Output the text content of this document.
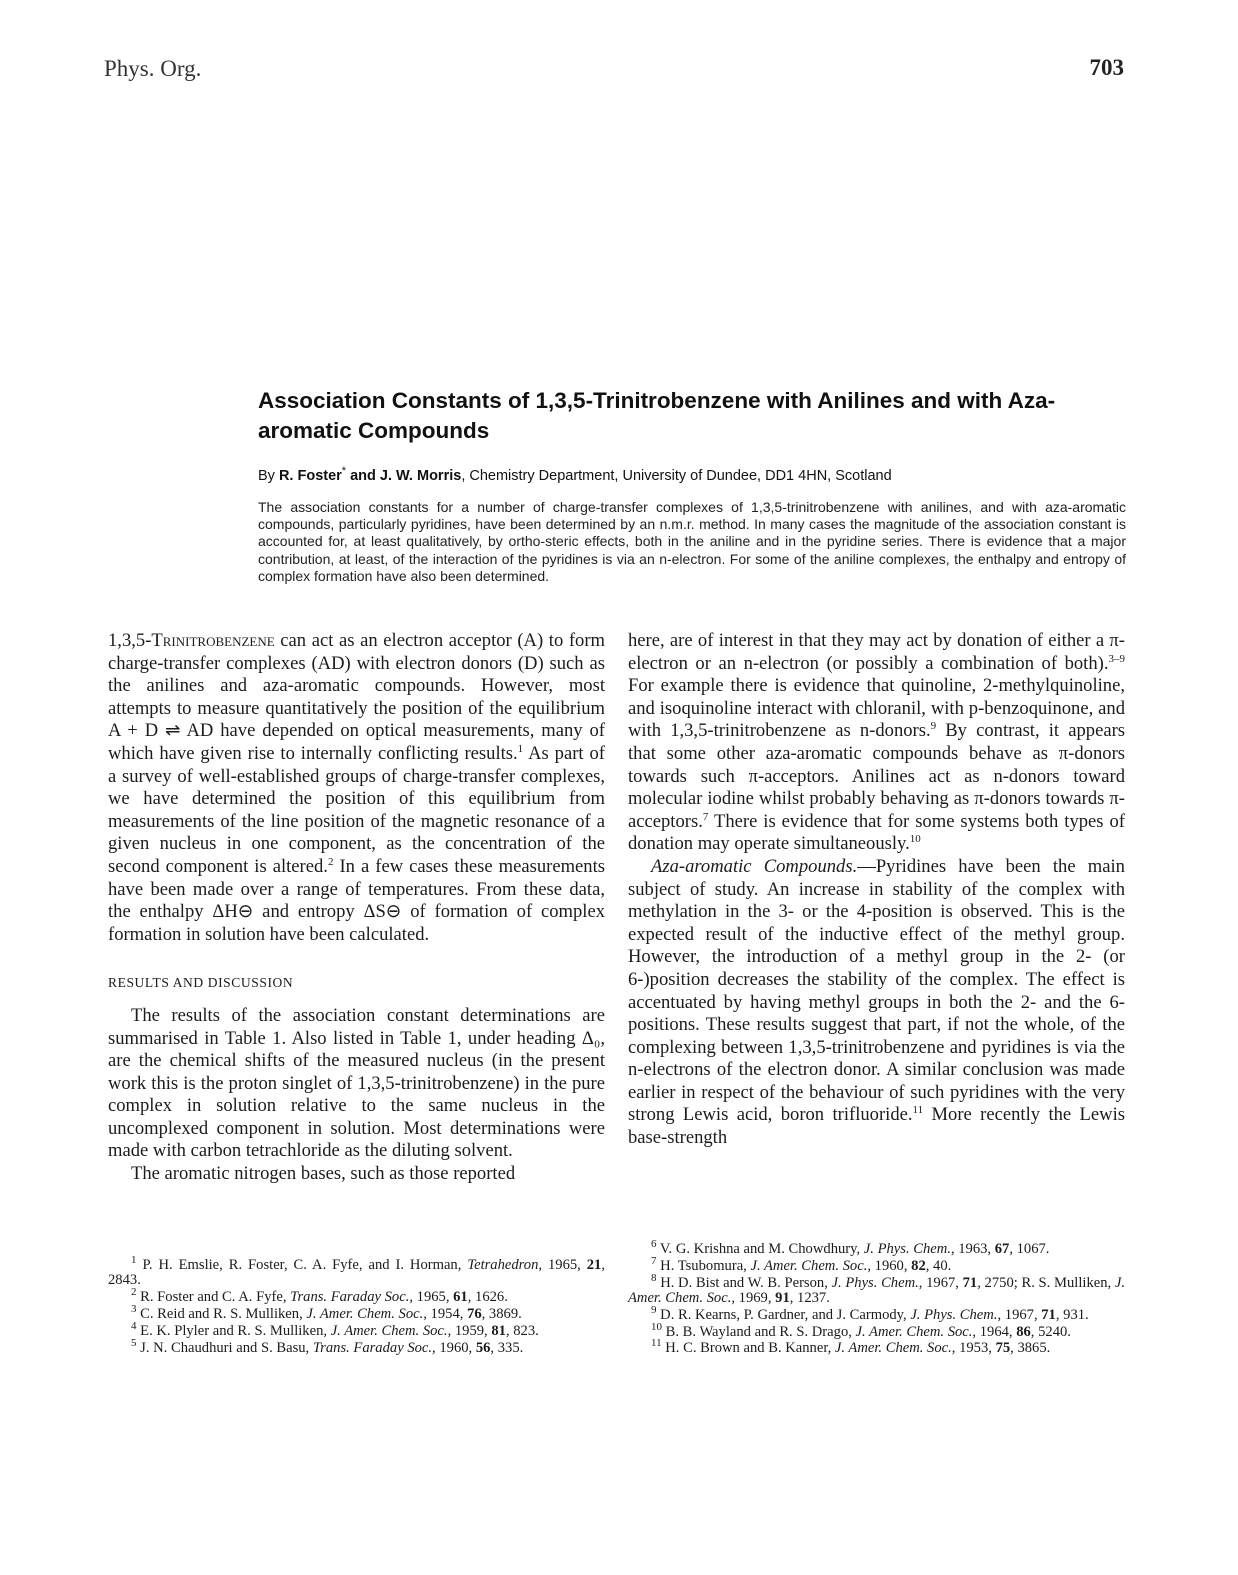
Phys. Org.	703
Association Constants of 1,3,5-Trinitrobenzene with Anilines and with Aza-aromatic Compounds
By R. Foster* and J. W. Morris, Chemistry Department, University of Dundee, DD1 4HN, Scotland
The association constants for a number of charge-transfer complexes of 1,3,5-trinitrobenzene with anilines, and with aza-aromatic compounds, particularly pyridines, have been determined by an n.m.r. method. In many cases the magnitude of the association constant is accounted for, at least qualitatively, by ortho-steric effects, both in the aniline and in the pyridine series. There is evidence that a major contribution, at least, of the interaction of the pyridines is via an n-electron. For some of the aniline complexes, the enthalpy and entropy of complex formation have also been determined.

1,3,5-Trinitrobenzene can act as an electron acceptor (A) to form charge-transfer complexes (AD) with electron donors (D) such as the anilines and aza-aromatic compounds. However, most attempts to measure quantitatively the position of the equilibrium A + D ⇌ AD have depended on optical measurements, many of which have given rise to internally conflicting results.$^1$ As part of a survey of well-established groups of charge-transfer complexes, we have determined the position of this equilibrium from measurements of the line position of the magnetic resonance of a given nucleus in one component, as the concentration of the second component is altered.$^2$ In a few cases these measurements have been made over a range of temperatures. From these data, the enthalpy ΔH⊖ and entropy ΔS⊖ of formation of complex formation in solution have been calculated.

RESULTS AND DISCUSSION

The results of the association constant determinations are summarised in Table 1. Also listed in Table 1, under heading Δ₀, are the chemical shifts of the measured nucleus (in the present work this is the proton singlet of 1,3,5-trinitrobenzene) in the pure complex in solution relative to the same nucleus in the uncomplexed component in solution. Most determinations were made with carbon tetrachloride as the diluting solvent.

The aromatic nitrogen bases, such as those reported

here, are of interest in that they may act by donation of either a π-electron or an n-electron (or possibly a combination of both).$^{3-9}$ For example there is evidence that quinoline, 2-methylquinoline, and isoquinoline interact with chloranil, with p-benzoquinone, and with 1,3,5-trinitrobenzene as n-donors.$^9$ By contrast, it appears that some other aza-aromatic compounds behave as π-donors towards such π-acceptors. Anilines act as n-donors toward molecular iodine whilst probably behaving as π-donors towards π-acceptors.$^7$ There is evidence that for some systems both types of donation may operate simultaneously.$^{10}$

Aza-aromatic Compounds.—Pyridines have been the main subject of study. An increase in stability of the complex with methylation in the 3- or the 4-position is observed. This is the expected result of the inductive effect of the methyl group. However, the introduction of a methyl group in the 2- (or 6-)position decreases the stability of the complex. The effect is accentuated by having methyl groups in both the 2- and the 6-positions. These results suggest that part, if not the whole, of the complexing between 1,3,5-trinitrobenzene and pyridines is via the n-electrons of the electron donor. A similar conclusion was made earlier in respect of the behaviour of such pyridines with the very strong Lewis acid, boron trifluoride.$^{11}$ More recently the Lewis base-strength

$^1$ P. H. Emslie, R. Foster, C. A. Fyfe, and I. Horman, Tetrahedron, 1965, 21, 2843.

$^2$ R. Foster and C. A. Fyfe, Trans. Faraday Soc., 1965, 61, 1626.

$^3$ C. Reid and R. S. Mulliken, J. Amer. Chem. Soc., 1954, 76, 3869.

$^4$ E. K. Plyler and R. S. Mulliken, J. Amer. Chem. Soc., 1959, 81, 823.

$^5$ J. N. Chaudhuri and S. Basu, Trans. Faraday Soc., 1960, 56, 335.

$^6$ V. G. Krishna and M. Chowdhury, J. Phys. Chem., 1963, 67, 1067.

$^7$ H. Tsubomura, J. Amer. Chem. Soc., 1960, 82, 40.

$^8$ H. D. Bist and W. B. Person, J. Phys. Chem., 1967, 71, 2750; R. S. Mulliken, J. Amer. Chem. Soc., 1969, 91, 1237.

$^9$ D. R. Kearns, P. Gardner, and J. Carmody, J. Phys. Chem., 1967, 71, 931.

$^{10}$ B. B. Wayland and R. S. Drago, J. Amer. Chem. Soc., 1964, 86, 5240.

$^{11}$ H. C. Brown and B. Kanner, J. Amer. Chem. Soc., 1953, 75, 3865.
